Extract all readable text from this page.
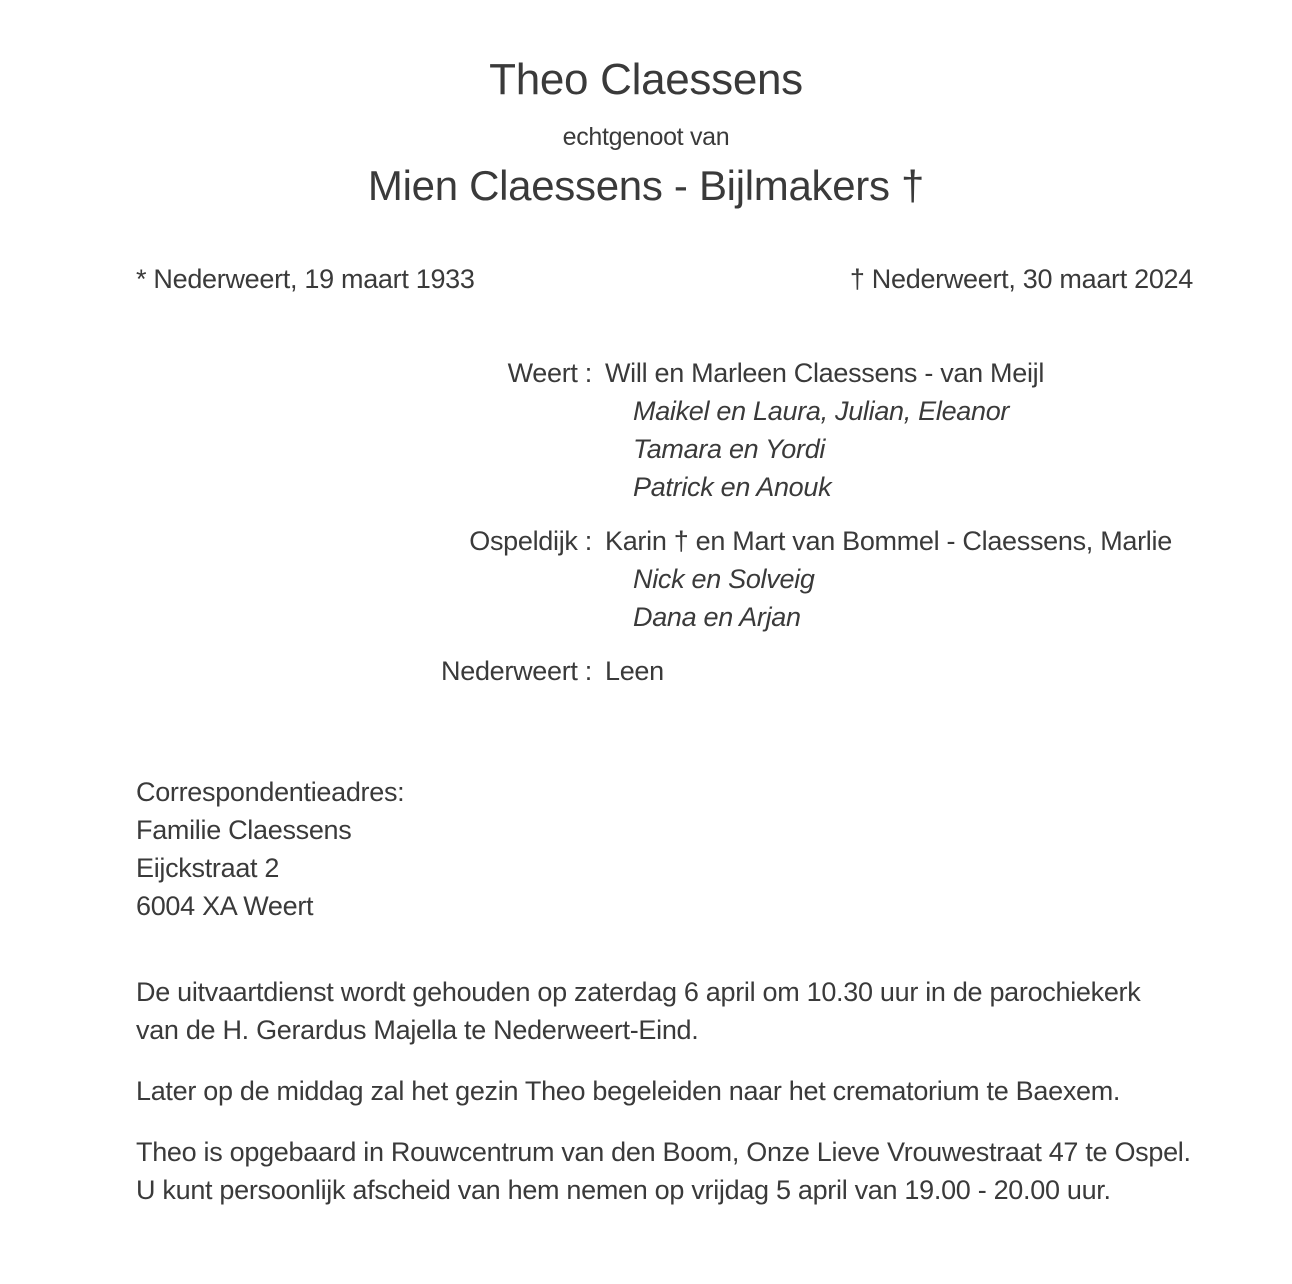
Theo Claessens
echtgenoot van
Mien Claessens - Bijlmakers †
* Nederweert, 19 maart 1933	† Nederweert, 30 maart 2024
Weert : Will en Marleen Claessens - van Meijl
Maikel en Laura, Julian, Eleanor
Tamara en Yordi
Patrick en Anouk
Ospeldijk : Karin † en Mart van Bommel - Claessens, Marlie
Nick en Solveig
Dana en Arjan
Nederweert : Leen
Correspondentieadres:
Familie Claessens
Eijckstraat 2
6004 XA Weert
De uitvaartdienst wordt gehouden op zaterdag 6 april om 10.30 uur in de parochiekerk
van de H. Gerardus Majella te Nederweert-Eind.
Later op de middag zal het gezin Theo begeleiden naar het crematorium te Baexem.
Theo is opgebaard in Rouwcentrum van den Boom, Onze Lieve Vrouwestraat 47 te Ospel.
U kunt persoonlijk afscheid van hem nemen op vrijdag 5 april van 19.00 - 20.00 uur.
